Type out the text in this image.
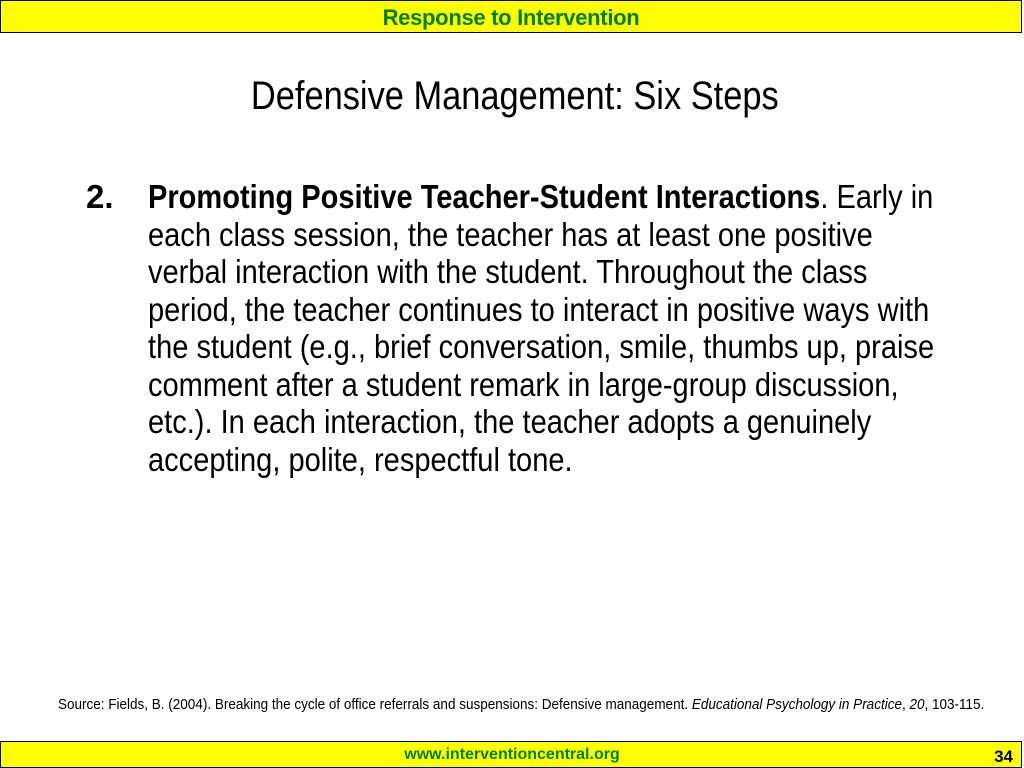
Response to Intervention
Defensive Management: Six Steps
2. Promoting Positive Teacher-Student Interactions. Early in each class session, the teacher has at least one positive verbal interaction with the student. Throughout the class period, the teacher continues to interact in positive ways with the student (e.g., brief conversation, smile, thumbs up, praise comment after a student remark in large-group discussion, etc.). In each interaction, the teacher adopts a genuinely accepting, polite, respectful tone.
Source: Fields, B. (2004). Breaking the cycle of office referrals and suspensions: Defensive management. Educational Psychology in Practice, 20, 103-115.
www.interventioncentral.org	34
